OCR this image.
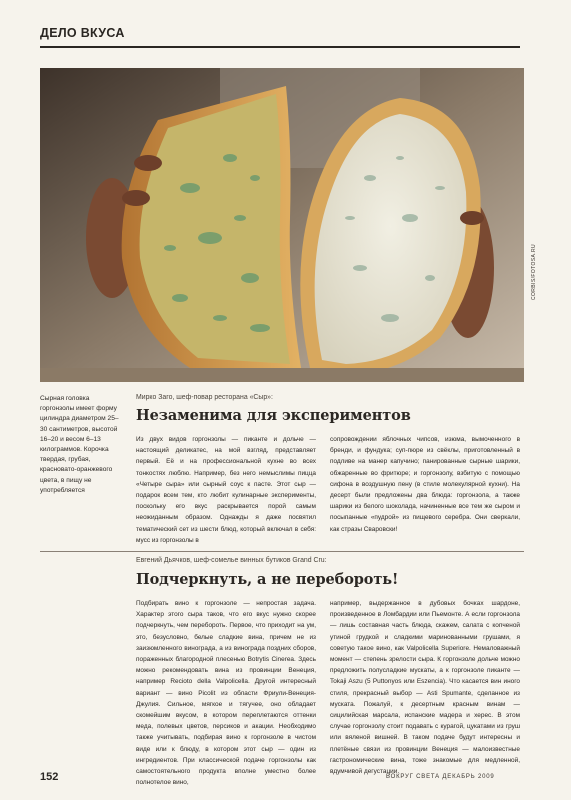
ДЕЛО ВКУСА
CORBIS/FOTOSA.RU
Сырная головка горгонзолы имеет форму цилиндра диаметром 25–30 сантиметров, высотой 16–20 и весом 6–13 килограммов. Корочка твердая, грубая, красновато-оранжевого цвета, в пищу не употребляется
Мирко Заго, шеф-повар ресторана «Сыр»:
Незаменима для экспериментов

Из двух видов горгонзолы — пиканте и дольче — настоящий деликатес, на мой взгляд, представляет первый. Её и на профессиональной кухне во всех тонкостях люблю. Например, без него немыслимы пицца «Четыре сыра» или сырный соус к пасте. Этот сыр — подарок всем тем, кто любит кулинарные эксперименты, поскольку его вкус раскрывается порой самым неожиданным образом. Однажды я даже посвятил тематический сет из шести блюд, который включал в себя: мусс из горгонзолы в

сопровождении яблочных чипсов, изюма, вымоченного в бренди, и фундука; суп-пюре из свёклы, приготовленный в подливе на манер капучино; панированные сырные шарики, обжаренные во фритюре; и горгонзолу, взбитую с помощью сифона в воздушную пену (в стиле молекулярной кухни). На десерт были предложены два блюда: горгонзола, а также шарики из белого шоколада, начиненные все тем же сыром и посыпанные «пудрой» из пищевого серебра. Они сверкали, как стразы Сваровски!

Евгений Дьячков, шеф-сомелье винных бутиков Grand Cru:
Подчеркнуть, а не перебороть!

Подбирать вино к горгонзоле — непростая задача. Характер этого сыра таков, что его вкус нужно скорее подчеркнуть, чем перебороть. Первое, что приходит на ум, это, безусловно, белые сладкие вина, причем не из заизюмленного винограда, а из винограда поздних сборов, пораженных благородной плесенью Botrytis Cinerea. Здесь можно рекомендовать вина из провинции Венеция, например Recioto della Valpolicella. Другой интересный вариант — вино Picolit из области Фриули-Венеция-Джулия. Сильное, мягкое и тягучее, оно обладает скомейшим вкусом, в котором переплетаются оттенки меда, полевых цветов, персиков и акации. Необходимо также учитывать, подбирая вино к горгонзоле в чистом виде или к блюду, в котором этот сыр — один из ингредиентов. При классической подаче горгонзолы как самостоятельного продукта вполне уместно более полнотелое вино,

например, выдержанное в дубовых бочках шардоне, произведенное в Ломбардии или Пьемонте. А если горгонзола — лишь составная часть блюда, скажем, салата с копченой утиной грудкой и сладкими маринованными грушами, я советую такое вино, как Valpolicella Superiore. Немаловажный момент — степень зрелости сыра. К горгонзоле дольче можно предложить полусладкие мускаты, а к горгонзоле пиканте — Tokaji Aszu (5 Puttonyos или Eszencia). Что касается вин иного стиля, прекрасный выбор — Asti Spumante, сделанное из муската. Пожалуй, к десертным красным винам — сицилийская марсала, испанские мадера и херес. В этом случае горгонзолу стоит подавать с курагой, цукатами из груш или вяленой вишней. В таком подаче будут интересны и плетёные связи из провинции Венеция — малоизвестные гастрономические вина, тоже знакомые для медленной, вдумчивой дегустации.

152	ВОКРУГ СВЕТА ДЕКАБРЬ 2009
